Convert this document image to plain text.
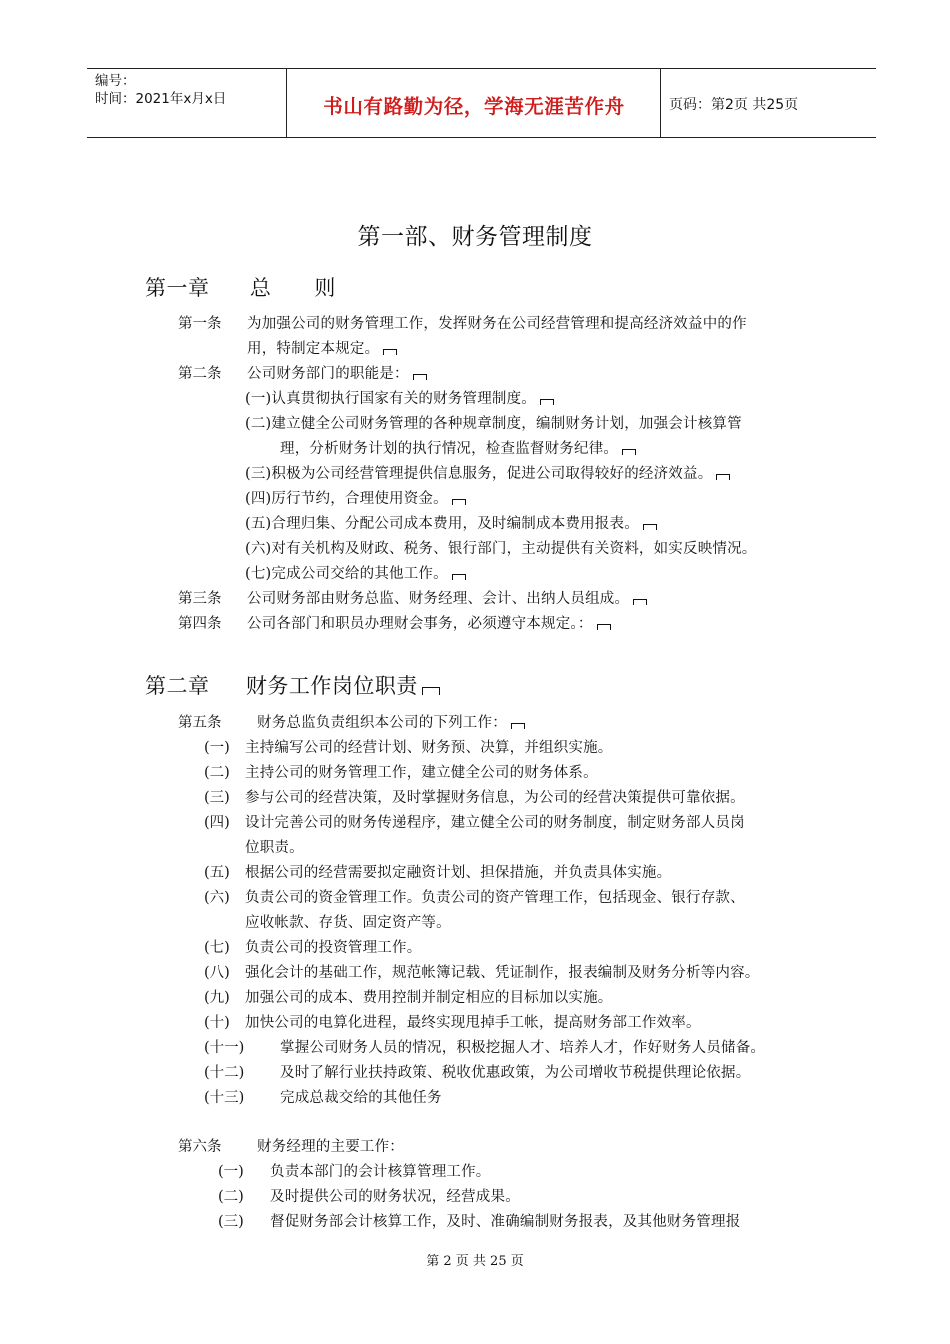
编号：
时间：2021年x月x日	书山有路勤为径，学海无涯苦作舟	页码：第2页 共25页
第一部、财务管理制度
第一章 总      则
第一条 为加强公司的财务管理工作，发挥财务在公司经营管理和提高经济效益中的作
用，特制定本规定。
第二条 公司财务部门的职能是：
(一)认真贯彻执行国家有关的财务管理制度。
(二)建立健全公司财务管理的各种规章制度，编制财务计划，加强会计核算管
理，分析财务计划的执行情况，检查监督财务纪律。
(三)积极为公司经营管理提供信息服务，促进公司取得较好的经济效益。
(四)厉行节约，合理使用资金。
(五)合理归集、分配公司成本费用，及时编制成本费用报表。
(六)对有关机构及财政、税务、银行部门，主动提供有关资料，如实反映情况。
(七)完成公司交给的其他工作。
第三条 公司财务部由财务总监、财务经理、会计、出纳人员组成。
第四条 公司各部门和职员办理财会事务，必须遵守本规定。：
第二章 财务工作岗位职责
第五条 财务总监负责组织本公司的下列工作：
(一) 主持编写公司的经营计划、财务预、决算，并组织实施。
(二) 主持公司的财务管理工作，建立健全公司的财务体系。
(三) 参与公司的经营决策，及时掌握财务信息，为公司的经营决策提供可靠依据。
(四) 设计完善公司的财务传递程序，建立健全公司的财务制度，制定财务部人员岗
位职责。
(五) 根据公司的经营需要拟定融资计划、担保措施，并负责具体实施。
(六) 负责公司的资金管理工作。负责公司的资产管理工作，包括现金、银行存款、
应收帐款、存货、固定资产等。
(七) 负责公司的投资管理工作。
(八) 强化会计的基础工作，规范帐簿记载、凭证制作，报表编制及财务分析等内容。
(九) 加强公司的成本、费用控制并制定相应的目标加以实施。
(十) 加快公司的电算化进程，最终实现甩掉手工帐，提高财务部工作效率。
(十一) 掌握公司财务人员的情况，积极挖掘人才、培养人才，作好财务人员储备。
(十二) 及时了解行业扶持政策、税收优惠政策，为公司增收节税提供理论依据。
(十三) 完成总裁交给的其他任务
第六条 财务经理的主要工作：
(一) 负责本部门的会计核算管理工作。
(二) 及时提供公司的财务状况，经营成果。
(三) 督促财务部会计核算工作，及时、准确编制财务报表，及其他财务管理报
第 2 页 共 25 页
